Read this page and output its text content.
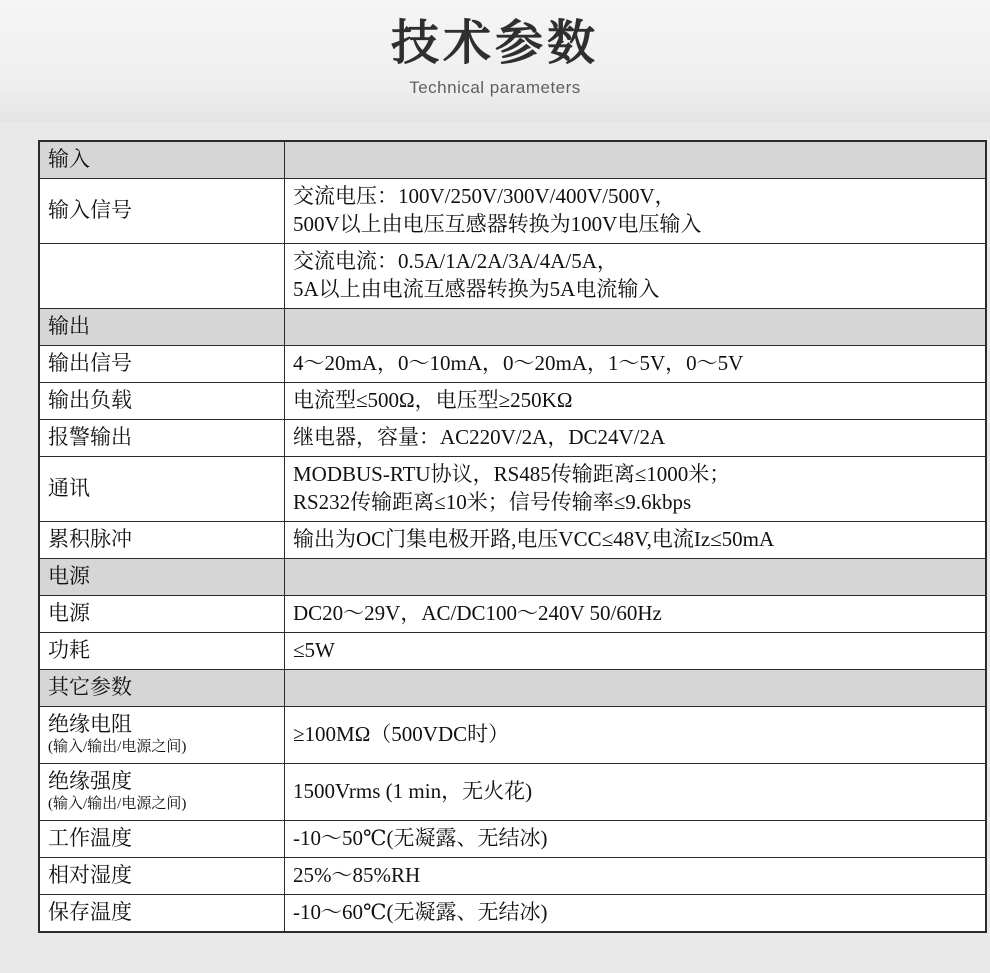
技术参数
Technical parameters
输入	
输入信号	交流电压：100V/250V/300V/400V/500V，
500V以上由电压互感器转换为100V电压输入

	交流电流：0.5A/1A/2A/3A/4A/5A，
5A以上由电流互感器转换为5A电流输入

输出	
输出信号	4～20mA，0～10mA，0～20mA，1～5V，0～5V
输出负载	电流型≤500Ω，电压型≥250KΩ
报警输出	继电器，容量：AC220V/2A，DC24V/2A
通讯	MODBUS-RTU协议，RS485传输距离≤1000米；
RS232传输距离≤10米；信号传输率≤9.6kbps

累积脉冲	输出为OC门集电极开路,电压VCC≤48V,电流Iz≤50mA
电源	
电源	DC20～29V，AC/DC100～240V 50/60Hz
功耗	≤5W
其它参数	

绝缘电阻
(输入/输出/电源之间)	≥100MΩ（500VDC时）

绝缘强度
(输入/输出/电源之间)	1500Vrms (1 min，无火花)
工作温度	-10～50℃(无凝露、无结冰)
相对湿度	25%～85%RH
保存温度	-10～60℃(无凝露、无结冰)
